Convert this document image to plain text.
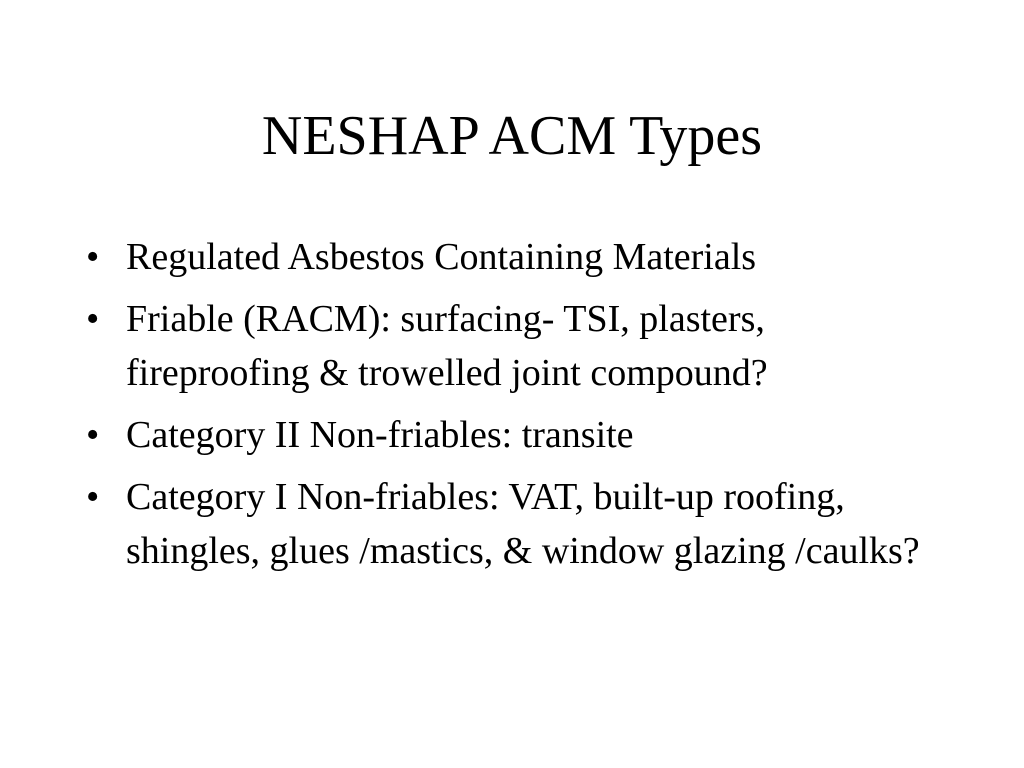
NESHAP ACM Types
• Regulated Asbestos Containing Materials
• Friable (RACM): surfacing- TSI, plasters, fireproofing & trowelled joint compound?
• Category II Non-friables: transite
• Category I Non-friables: VAT, built-up roofing, shingles, glues /mastics, & window glazing /caulks?
